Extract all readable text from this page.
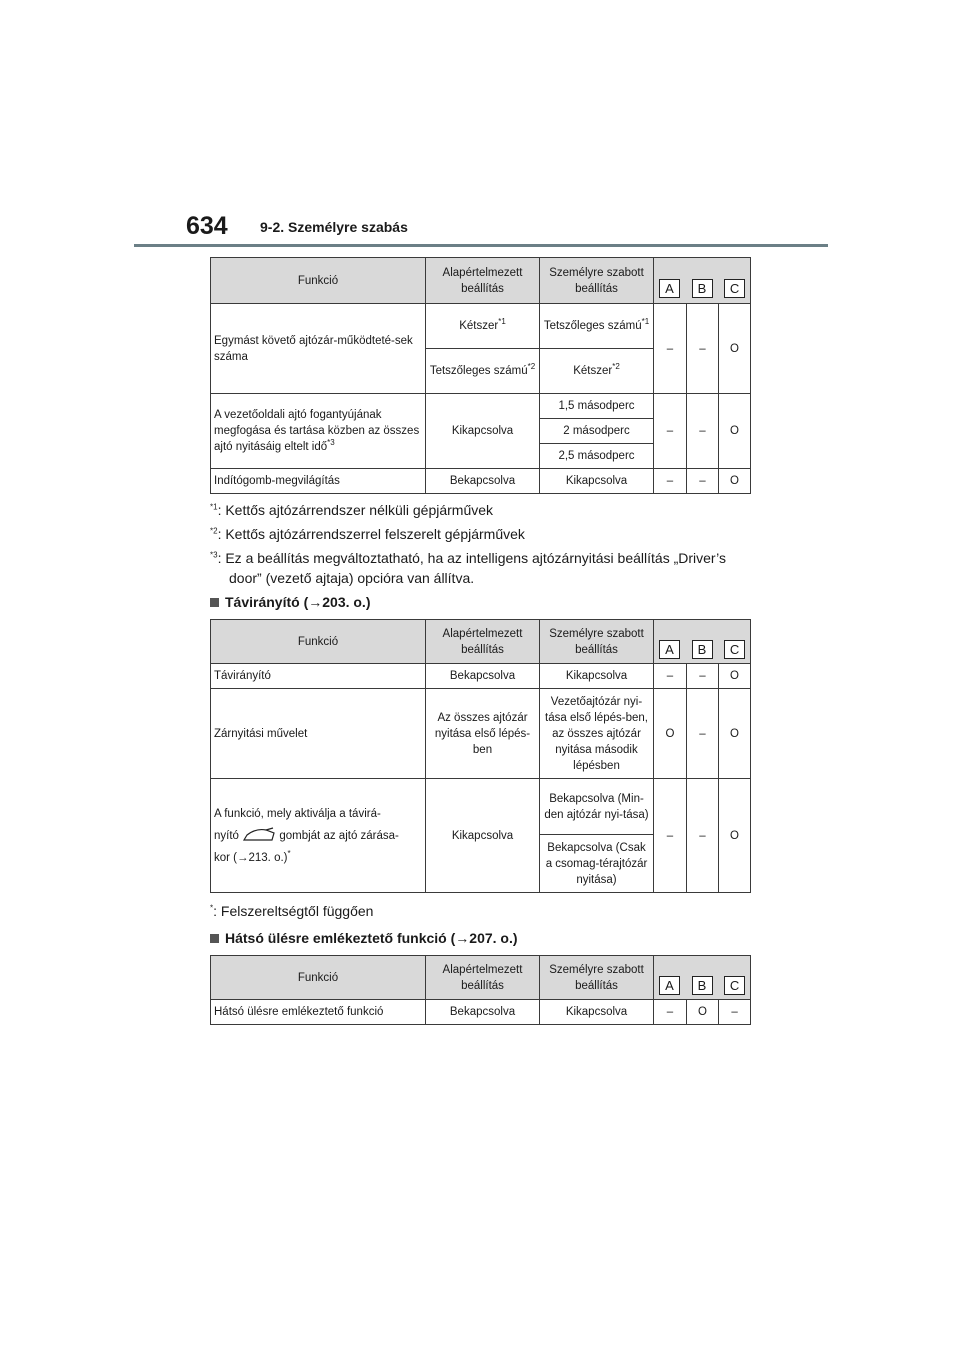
634 9-2. Személyre szabás
Funkció	Alapértelmezett beállítás	Személyre szabott beállítás	A B C		

Egymást követő ajtózár-működteté-sek száma	Kétszer$^{*1}$	Tetszőleges számú$^{*1}$	–	–	O
	Tetszőleges számú$^{*2}$	Kétszer$^{*2}$
A vezetőoldali ajtó fogantyújának megfogása és tartása közben az összes ajtó nyitásáig eltelt idő$^{*3}$	Kikapcsolva	1,5 másodperc	–	–	O
		2 másodperc			
		2,5 másodperc			
Indítógomb-megvilágítás	Bekapcsolva	Kikapcsolva	–	–	O
$^{*1}$: Kettős ajtózárrendszer nélküli gépjárművek
$^{*2}$: Kettős ajtózárrendszerrel felszerelt gépjárművek
$^{*3}$: Ez a beállítás megváltoztatható, ha az intelligens ajtózárnyitási beállítás „Driver’s
door” (vezető ajtaja) opcióra van állítva.
Távirányító (→203. o.)
Funkció	Alapértelmezett beállítás	Személyre szabott beállítás	A B C		

Távirányító	Bekapcsolva	Kikapcsolva	–	–	O
Zárnyitási művelet	Az összes ajtózár nyitása első lépés-ben	Vezetőajtózár nyi-tása első lépés-ben, az összes ajtózár nyitása második lépésben	O	–	O
A funkció, mely aktiválja a távirá-
nyító gombját az ajtó zárása-
kor (→213. o.)*	Kikapcsolva	Bekapcsolva (Min-den ajtózár nyi-tása)	–	–	O
		Bekapcsolva (Csak a csomag-térajtózár nyitása)			
*: Felszereltségtől függően
Hátsó ülésre emlékeztető funkció (→207. o.)
Funkció	Alapértelmezett beállítás	Személyre szabott beállítás	A B C		

Hátsó ülésre emlékeztető funkció	Bekapcsolva	Kikapcsolva	–	O	–
